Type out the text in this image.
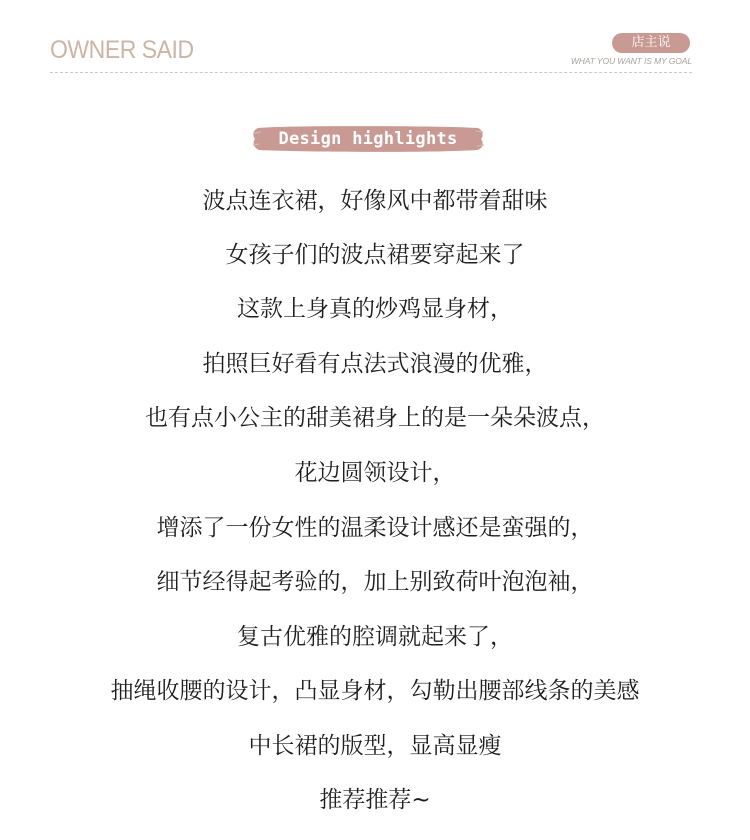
OWNER SAID	店主说
WHAT YOU WANT IS MY GOAL
Design highlights
波点连衣裙，好像风中都带着甜味
女孩子们的波点裙要穿起来了
这款上身真的炒鸡显身材，
拍照巨好看有点法式浪漫的优雅，
也有点小公主的甜美裙身上的是一朵朵波点，
花边圆领设计，
增添了一份女性的温柔设计感还是蛮强的，
细节经得起考验的，加上别致荷叶泡泡袖，
复古优雅的腔调就起来了，
抽绳收腰的设计，凸显身材，勾勒出腰部线条的美感
中长裙的版型，显高显瘦
推荐推荐~
